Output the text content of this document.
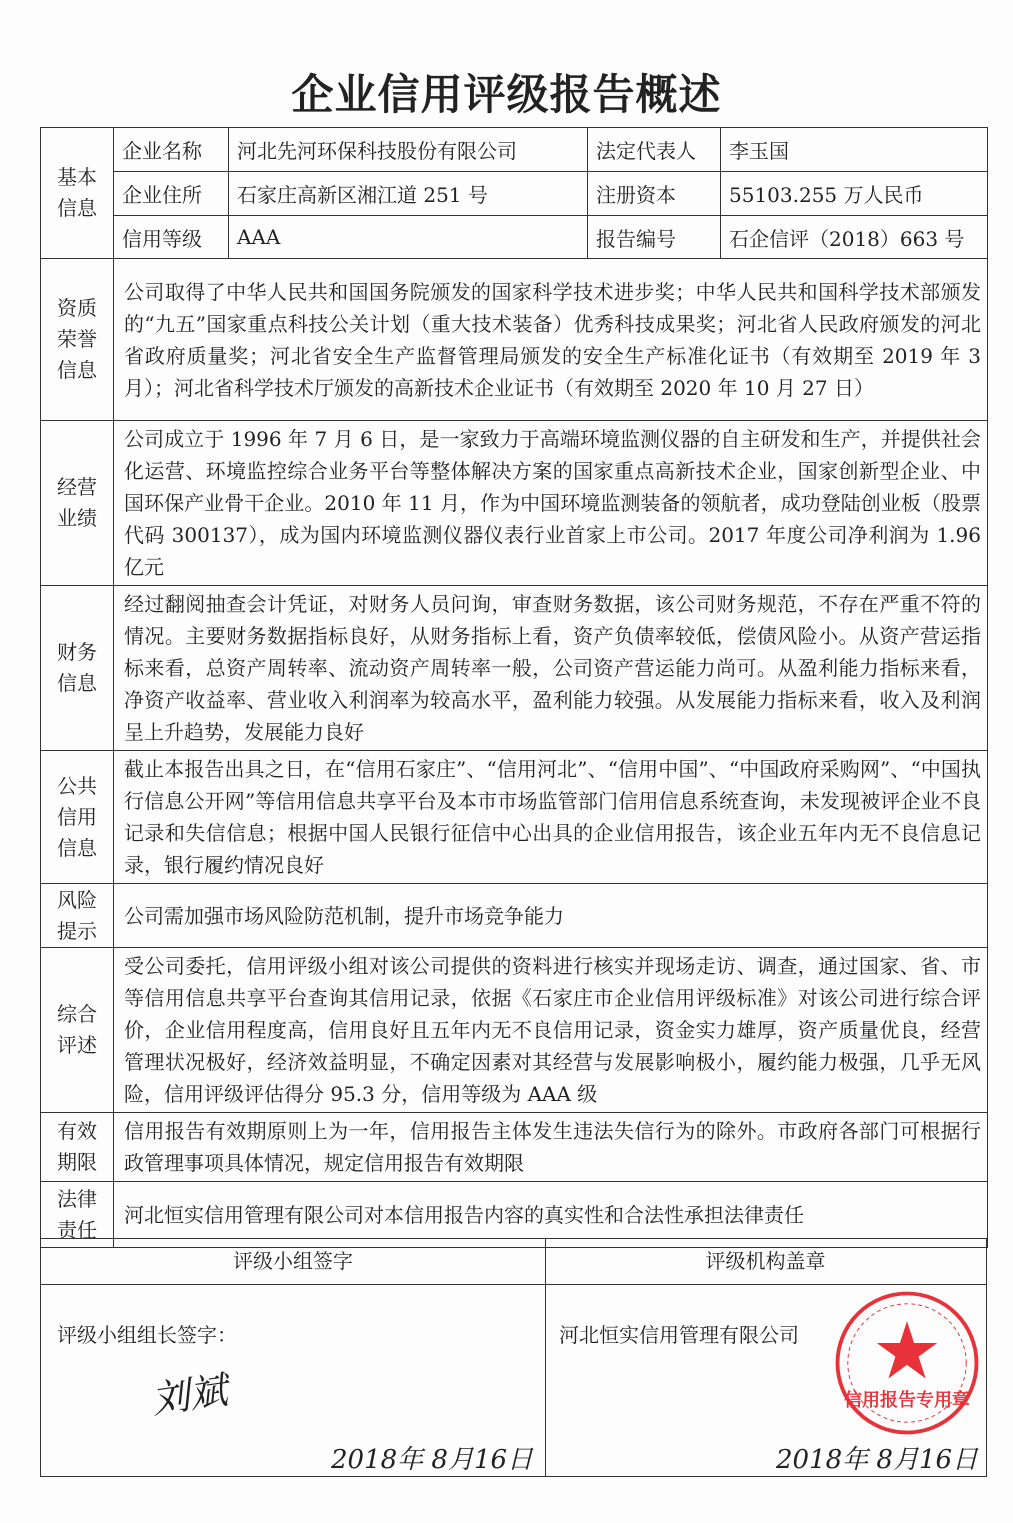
企业信用评级报告概述
基本信息	企业名称	河北先河环保科技股份有限公司	法定代表人	李玉国
	企业住所	石家庄高新区湘江道 251 号	注册资本	55103.255 万人民币
	信用等级	AAA	报告编号	石企信评（2018）663 号

资质荣誉信息	公司取得了中华人民共和国国务院颁发的国家科学技术进步奖；中华人民共和国科学技术部颁发的“九五”国家重点科技公关计划（重大技术装备）优秀科技成果奖；河北省人民政府颁发的河北省政府质量奖；河北省安全生产监督管理局颁发的安全生产标准化证书（有效期至 2019 年 3 月）；河北省科学技术厅颁发的高新技术企业证书（有效期至 2020 年 10 月 27 日）			

经营业绩	公司成立于 1996 年 7 月 6 日，是一家致力于高端环境监测仪器的自主研发和生产，并提供社会化运营、环境监控综合业务平台等整体解决方案的国家重点高新技术企业，国家创新型企业、中国环保产业骨干企业。2010 年 11 月，作为中国环境监测装备的领航者，成功登陆创业板（股票代码 300137），成为国内环境监测仪器仪表行业首家上市公司。2017 年度公司净利润为 1.96 亿元			

财务信息	经过翻阅抽查会计凭证，对财务人员问询，审查财务数据，该公司财务规范，不存在严重不符的情况。主要财务数据指标良好，从财务指标上看，资产负债率较低，偿债风险小。从资产营运指标来看，总资产周转率、流动资产周转率一般，公司资产营运能力尚可。从盈利能力指标来看，净资产收益率、营业收入利润率为较高水平，盈利能力较强。从发展能力指标来看，收入及利润呈上升趋势，发展能力良好			

公共信用信息	截止本报告出具之日，在“信用石家庄”、“信用河北”、“信用中国”、“中国政府采购网”、“中国执行信息公开网”等信用信息共享平台及本市市场监管部门信用信息系统查询，未发现被评企业不良记录和失信信息；根据中国人民银行征信中心出具的企业信用报告，该企业五年内无不良信息记录，银行履约情况良好			

风险提示	公司需加强市场风险防范机制，提升市场竞争能力			

综合评述	受公司委托，信用评级小组对该公司提供的资料进行核实并现场走访、调查，通过国家、省、市等信用信息共享平台查询其信用记录，依据《石家庄市企业信用评级标准》对该公司进行综合评价，企业信用程度高，信用良好且五年内无不良信用记录，资金实力雄厚，资产质量优良，经营管理状况极好，经济效益明显，不确定因素对其经营与发展影响极小，履约能力极强，几乎无风险，信用评级评估得分 95.3 分，信用等级为 AAA 级			

有效期限	信用报告有效期原则上为一年，信用报告主体发生违法失信行为的除外。市政府各部门可根据行政管理事项具体情况，规定信用报告有效期限			

法律责任	河北恒实信用管理有限公司对本信用报告内容的真实性和合法性承担法律责任			
评级小组签字	评级机构盖章
评级小组组长签字：
刘斌
2018年 8月16日
河北恒实信用管理有限公司
2018年 8月16日
信用报告专用章
